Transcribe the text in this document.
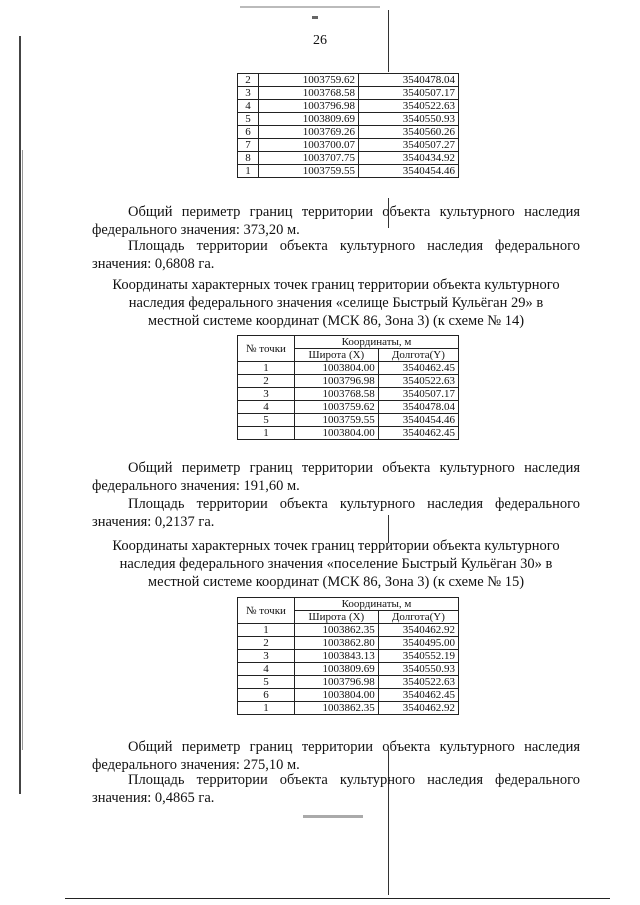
26
2	1003759.62	3540478.04
3	1003768.58	3540507.17
4	1003796.98	3540522.63
5	1003809.69	3540550.93
6	1003769.26	3540560.26
7	1003700.07	3540507.27
8	1003707.75	3540434.92
1	1003759.55	3540454.46
Общий периметр границ территории объекта культурного наследия федерального значения: 373,20 м.
Площадь территории объекта культурного наследия федерального значения: 0,6808 га.
Координаты характерных точек границ территории объекта культурного
наследия федерального значения «селище Быстрый Кульёган 29» в
местной системе координат (МСК 86, Зона 3) (к схеме № 14)
№ точки	Координаты, м	
	Широта (X)	Долгота(Y)
1	1003804.00	3540462.45
2	1003796.98	3540522.63
3	1003768.58	3540507.17
4	1003759.62	3540478.04
5	1003759.55	3540454.46
1	1003804.00	3540462.45
Общий периметр границ территории объекта культурного наследия федерального значения: 191,60 м.
Площадь территории объекта культурного наследия федерального значения: 0,2137 га.
Координаты характерных точек границ территории объекта культурного
наследия федерального значения «поселение Быстрый Кульёган 30» в
местной системе координат (МСК 86, Зона 3) (к схеме № 15)
№ точки	Координаты, м	
	Широта (X)	Долгота(Y)
1	1003862.35	3540462.92
2	1003862.80	3540495.00
3	1003843.13	3540552.19
4	1003809.69	3540550.93
5	1003796.98	3540522.63
6	1003804.00	3540462.45
1	1003862.35	3540462.92
Общий периметр границ территории объекта культурного наследия федерального значения: 275,10 м.
Площадь территории объекта культурного наследия федерального значения: 0,4865 га.
